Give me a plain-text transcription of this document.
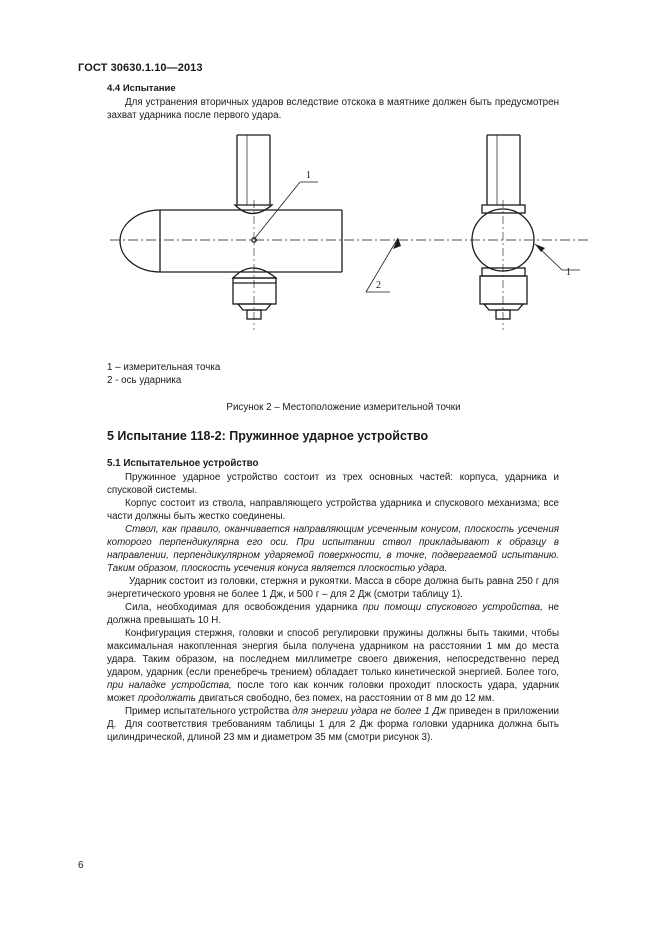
ГОСТ 30630.1.10—2013
4.4 Испытание
Для устранения вторичных ударов вследствие отскока в маятнике должен быть предусмотрен захват ударника после первого удара.
1
2
1
1 – измерительная точка
2 - ось ударника
Рисунок 2 – Местоположение измерительной точки
5 Испытание 118-2: Пружинное ударное устройство
5.1 Испытательное устройство
Пружинное ударное устройство состоит из трех основных частей: корпуса, ударника и спусковой системы.
Корпус состоит из ствола, направляющего устройства ударника и спускового механизма; все части должны быть жестко соединены.
Ствол, как правило, оканчивается направляющим усеченным конусом, плоскость усечения которого перпендикулярна его оси. При испытании ствол прикладывают к образцу в направлении, перпендикулярном ударяемой поверхности, в точке, подвергаемой испытанию. Таким образом, плоскость усечения конуса является плоскостью удара.
Ударник состоит из головки, стержня и рукоятки. Масса в сборе должна быть равна 250 г для энергетического уровня не более 1 Дж, и 500 г – для 2 Дж (смотри таблицу 1).
Сила, необходимая для освобождения ударника при помощи спускового устройства, не должна превышать 10 Н.
Конфигурация стержня, головки и способ регулировки пружины должны быть такими, чтобы максимальная накопленная энергия была получена ударником на расстоянии 1 мм до места удара. Таким образом, на последнем миллиметре своего движения, непосредственно перед ударом, ударник (если пренебречь трением) обладает только кинетической энергией. Более того, при наладке устройства, после того как кончик головки проходит плоскость удара, ударник может продолжать двигаться свободно, без помех, на расстоянии от 8 мм до 12 мм.
Пример испытательного устройства для энергии удара не более 1 Дж приведен в приложении Д. Для соответствия требованиям таблицы 1 для 2 Дж форма головки ударника должна быть цилиндрической, длиной 23 мм и диаметром 35 мм (смотри рисунок 3).
6
